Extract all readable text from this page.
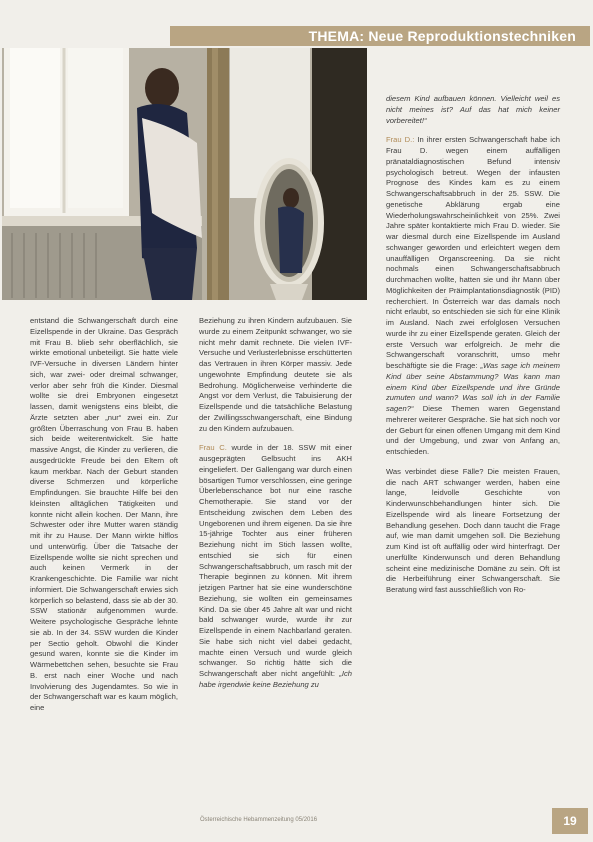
THEMA: Neue Reproduktionstechniken

entstand die Schwangerschaft durch eine Eizellspende in der Ukraine. Das Gespräch mit Frau B. blieb sehr oberflächlich, sie wirkte emotional unbeteiligt. Sie hatte viele IVF-Versuche in diversen Ländern hinter sich, war zwei- oder dreimal schwanger, verlor aber sehr früh die Kinder. Diesmal wollte sie drei Embryonen eingesetzt lassen, damit wenigstens eins bleibt, die Ärzte setzten aber „nur“ zwei ein. Zur größten Überraschung von Frau B. haben sich beide weiterentwickelt. Sie hatte massive Angst, die Kinder zu verlieren, die ausgedrückte Freude bei den Eltern oft kaum merkbar. Nach der Geburt standen diverse Schmerzen und körperliche Empfindungen. Sie brauchte Hilfe bei den kleinsten alltäglichen Tätigkeiten und konnte nicht allein kochen. Der Mann, ihre Schwester oder ihre Mutter waren ständig mit ihr zu Hause. Der Mann wirkte hilflos und unterwürfig. Über die Tatsache der Eizellspende wollte sie nicht sprechen und auch keinen Vermerk in der Krankengeschichte. Die Familie war nicht informiert. Die Schwangerschaft erwies sich körperlich so belastend, dass sie ab der 30. SSW stationär aufgenommen wurde. Weitere psychologische Gespräche lehnte sie ab. In der 34. SSW wurden die Kinder per Sectio geholt. Obwohl die Kinder gesund waren, konnte sie die Kinder im Wärmebettchen sehen, besuchte sie Frau B. erst nach einer Woche und nach Involvierung des Jugendamtes. So wie in der Schwangerschaft war es kaum möglich, eine

Beziehung zu ihren Kindern aufzubauen. Sie wurde zu einem Zeitpunkt schwanger, wo sie nicht mehr damit rechnete. Die vielen IVF-Versuche und Verlusterlebnisse erschütterten das Vertrauen in ihren Körper massiv. Jede ungewohnte Empfindung deutete sie als Bedrohung. Möglicherweise verhinderte die Angst vor dem Verlust, die Tabuisierung der Eizellspende und die tatsächliche Belastung der Zwillingsschwangerschaft, eine Bindung zu den Kindern aufzubauen.

Frau C. wurde in der 18. SSW mit einer ausgeprägten Gelbsucht ins AKH eingeliefert. Der Gallengang war durch einen bösartigen Tumor verschlossen, eine geringe Überlebenschance bot nur eine rasche Chemotherapie. Sie stand vor der Entscheidung zwischen dem Leben des Ungeborenen und ihrem eigenen. Da sie ihre 15-jährige Tochter aus einer früheren Beziehung nicht im Stich lassen wollte, entschied sie sich für einen Schwangerschaftsabbruch, um rasch mit der Therapie beginnen zu können. Mit ihrem jetzigen Partner hat sie eine wunderschöne Beziehung, sie wollten ein gemeinsames Kind. Da sie über 45 Jahre alt war und nicht bald schwanger wurde, wurde ihr zur Eizellspende in einem Nachbarland geraten. Sie habe sich nicht viel dabei gedacht, machte einen Versuch und wurde gleich schwanger. So richtig hätte sich die Schwangerschaft aber nicht angefühlt: „Ich habe irgendwie keine Beziehung zu

diesem Kind aufbauen können. Vielleicht weil es nicht meines ist? Auf das hat mich keiner vorbereitet!“

Frau D.: In ihrer ersten Schwangerschaft habe ich Frau D. wegen einem auffälligen pränataldiagnostischen Befund intensiv psychologisch betreut. Wegen der infausten Prognose des Kindes kam es zu einem Schwangerschaftsabbruch in der 25. SSW. Die genetische Abklärung ergab eine Wiederholungswahrscheinlichkeit von 25%. Zwei Jahre später kontaktierte mich Frau D. wieder. Sie war diesmal durch eine Eizellspende im Ausland schwanger geworden und erleichtert wegen dem unauffälligen Organscreening. Da sie nicht nochmals einen Schwangerschaftsabbruch durchmachen wollte, hatten sie und ihr Mann über Möglichkeiten der Präimplantationsdiagnostik (PID) recherchiert. In Österreich war das damals noch nicht erlaubt, so entschieden sie sich für eine Klinik im Ausland. Nach zwei erfolglosen Versuchen wurde ihr zu einer Eizellspende geraten. Gleich der erste Versuch war erfolgreich. Je mehr die Schwangerschaft voranschritt, umso mehr beschäftigte sie die Frage: „Was sage ich meinem Kind über seine Abstammung? Was kann man einem Kind über Eizellspende und ihre Gründe zumuten und wann? Was soll ich in der Familie sagen?“ Diese Themen waren Gegenstand mehrerer weiterer Gespräche. Sie hat sich noch vor der Geburt für einen offenen Umgang mit dem Kind und der Umgebung, und zwar von Anfang an, entschieden.

Was verbindet diese Fälle? Die meisten Frauen, die nach ART schwanger werden, haben eine lange, leidvolle Geschichte von Kinderwunschbehandlungen hinter sich. Die Eizellspende wird als lineare Fortsetzung der Behandlung gesehen. Doch dann taucht die Frage auf, wie man damit umgehen soll. Die Beziehung zum Kind ist oft auffällig oder wird hinterfragt. Der unerfüllte Kinderwunsch und deren Behandlung scheint eine medizinische Domäne zu sein. Oft ist die Herbeiführung einer Schwangerschaft. Sie Beratung wird fast ausschließlich von Ro-

Österreichische Hebammenzeitung 05/2016	19
